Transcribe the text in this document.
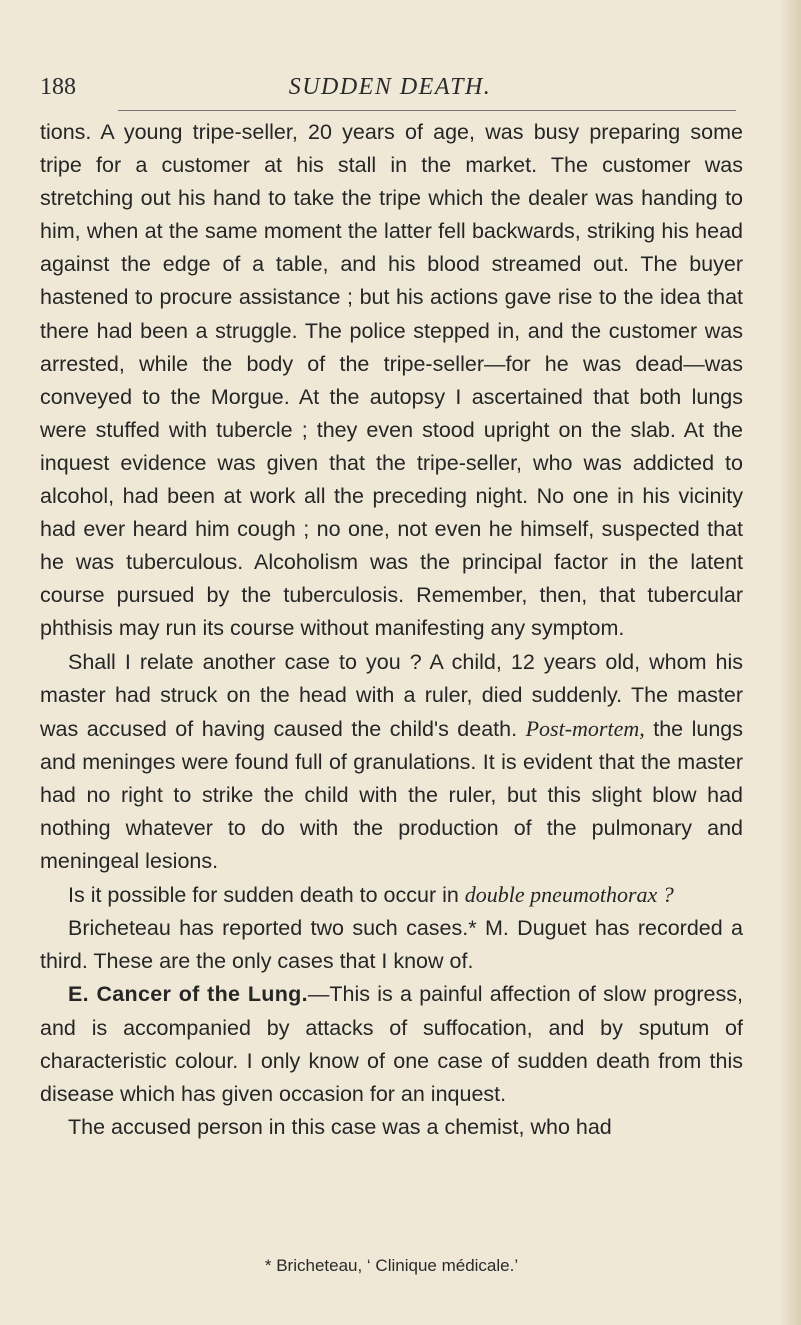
188	SUDDEN DEATH.

tions. A young tripe-seller, 20 years of age, was busy preparing some tripe for a customer at his stall in the market. The customer was stretching out his hand to take the tripe which the dealer was handing to him, when at the same moment the latter fell backwards, striking his head against the edge of a table, and his blood streamed out. The buyer hastened to procure assistance ; but his actions gave rise to the idea that there had been a struggle. The police stepped in, and the customer was arrested, while the body of the tripe-seller—for he was dead—was conveyed to the Morgue. At the autopsy I ascertained that both lungs were stuffed with tubercle ; they even stood upright on the slab. At the inquest evidence was given that the tripe-seller, who was addicted to alcohol, had been at work all the preceding night. No one in his vicinity had ever heard him cough ; no one, not even he himself, suspected that he was tuberculous. Alcoholism was the principal factor in the latent course pursued by the tuberculosis. Remember, then, that tubercular phthisis may run its course without manifesting any symptom.

Shall I relate another case to you ? A child, 12 years old, whom his master had struck on the head with a ruler, died suddenly. The master was accused of having caused the child's death. Post-mortem, the lungs and meninges were found full of granulations. It is evident that the master had no right to strike the child with the ruler, but this slight blow had nothing whatever to do with the production of the pulmonary and meningeal lesions.

Is it possible for sudden death to occur in double pneumothorax ?

Bricheteau has reported two such cases.* M. Duguet has recorded a third. These are the only cases that I know of.

E. Cancer of the Lung.—This is a painful affection of slow progress, and is accompanied by attacks of suffocation, and by sputum of characteristic colour. I only know of one case of sudden death from this disease which has given occasion for an inquest.

The accused person in this case was a chemist, who had

* Bricheteau, ‘ Clinique médicale.’
